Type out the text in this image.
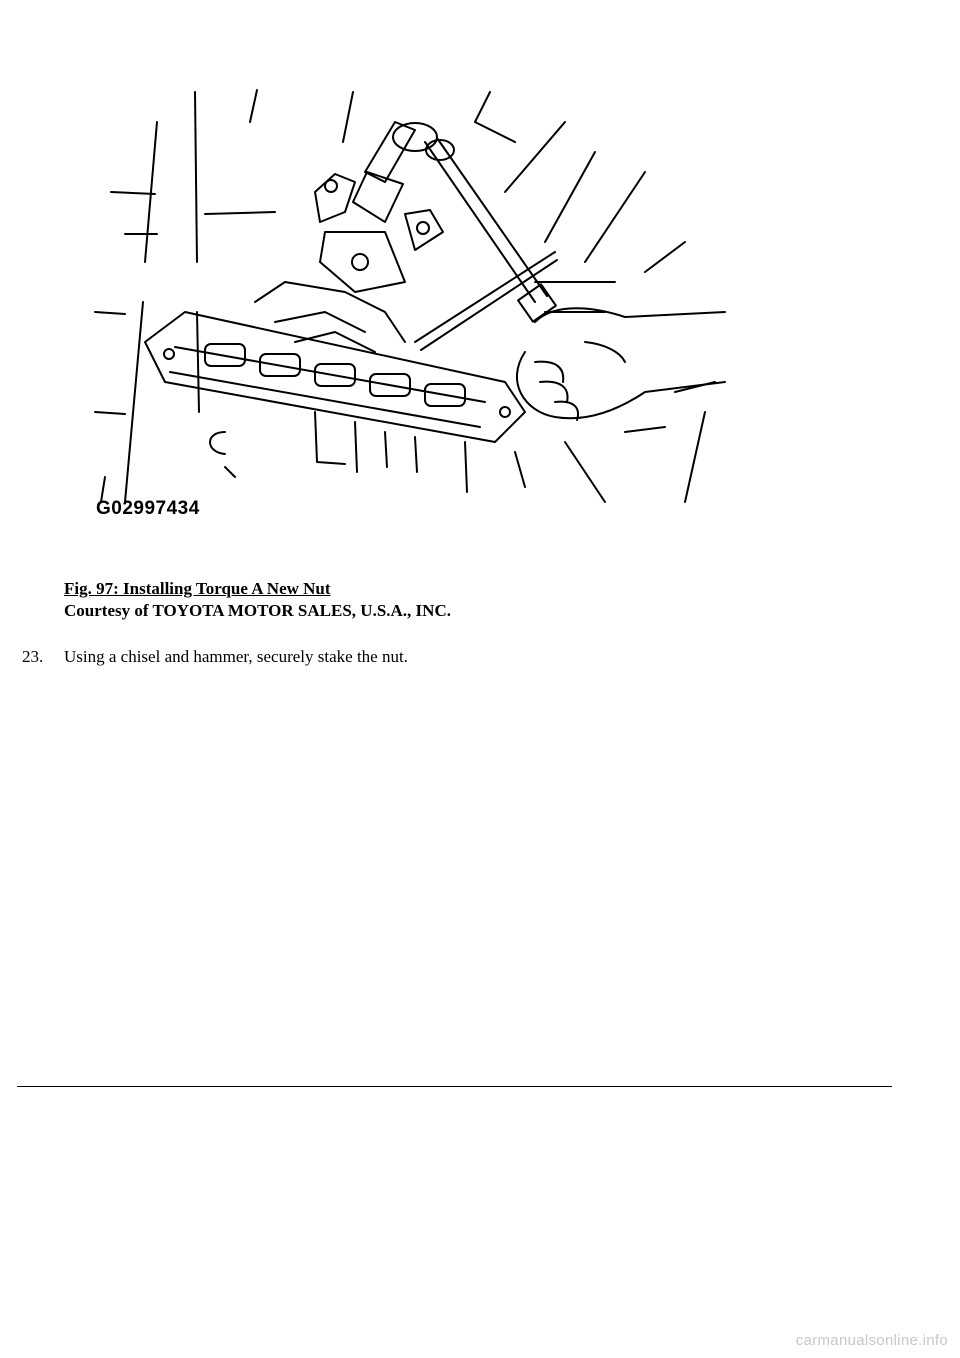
G02997434
Fig. 97: Installing Torque A New Nut
Courtesy of TOYOTA MOTOR SALES, U.S.A., INC.
23.	Using a chisel and hammer, securely stake the nut.
carmanualsonline.info
